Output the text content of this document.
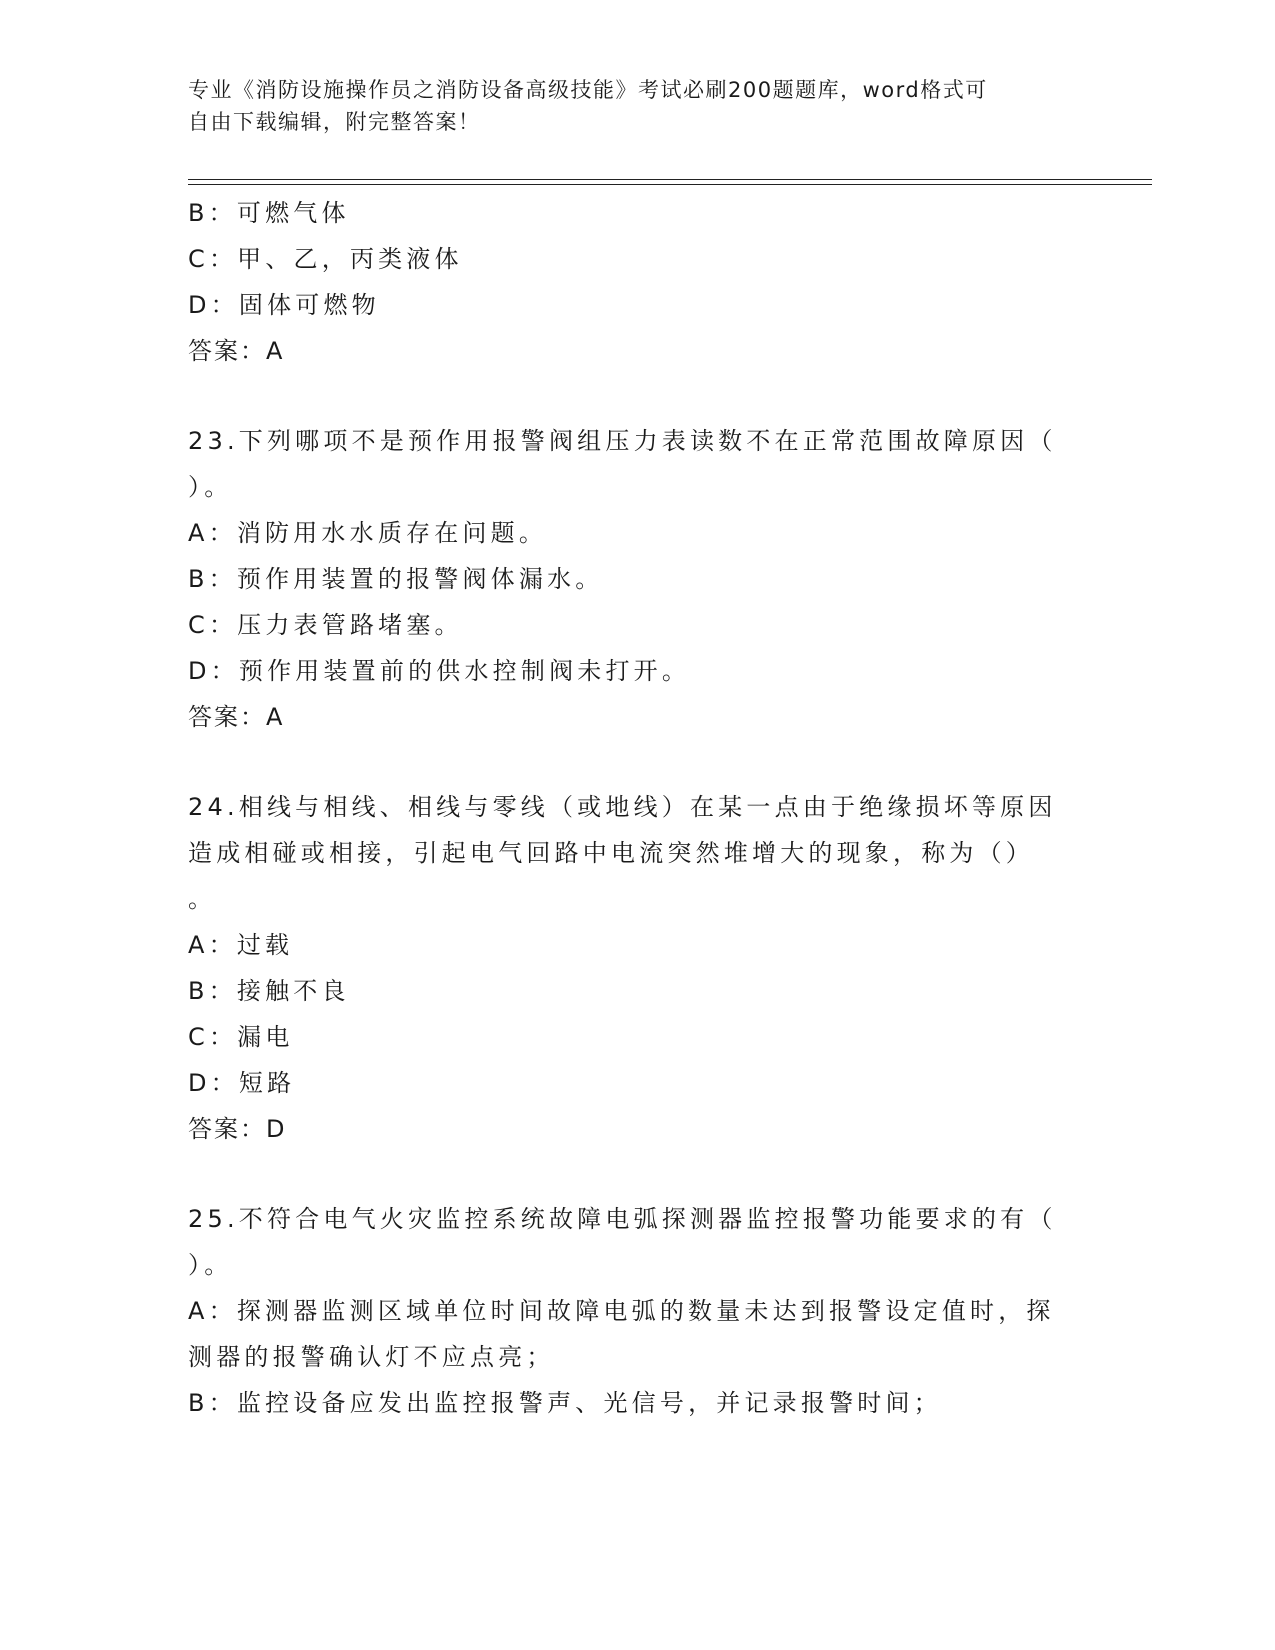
专业《消防设施操作员之消防设备高级技能》考试必刷200题题库，word格式可
自由下载编辑，附完整答案！
B：可燃气体
C：甲、乙，丙类液体
D：固体可燃物
答案：A
23.下列哪项不是预作用报警阀组压力表读数不在正常范围故障原因（
）。
A：消防用水水质存在问题。
B：预作用装置的报警阀体漏水。
C：压力表管路堵塞。
D：预作用装置前的供水控制阀未打开。
答案：A
24.相线与相线、相线与零线（或地线）在某一点由于绝缘损坏等原因
造成相碰或相接，引起电气回路中电流突然堆增大的现象，称为（）
。
A：过载
B：接触不良
C：漏电
D：短路
答案：D
25.不符合电气火灾监控系统故障电弧探测器监控报警功能要求的有（
）。
A：探测器监测区域单位时间故障电弧的数量未达到报警设定值时，探
测器的报警确认灯不应点亮；
B：监控设备应发出监控报警声、光信号，并记录报警时间；
